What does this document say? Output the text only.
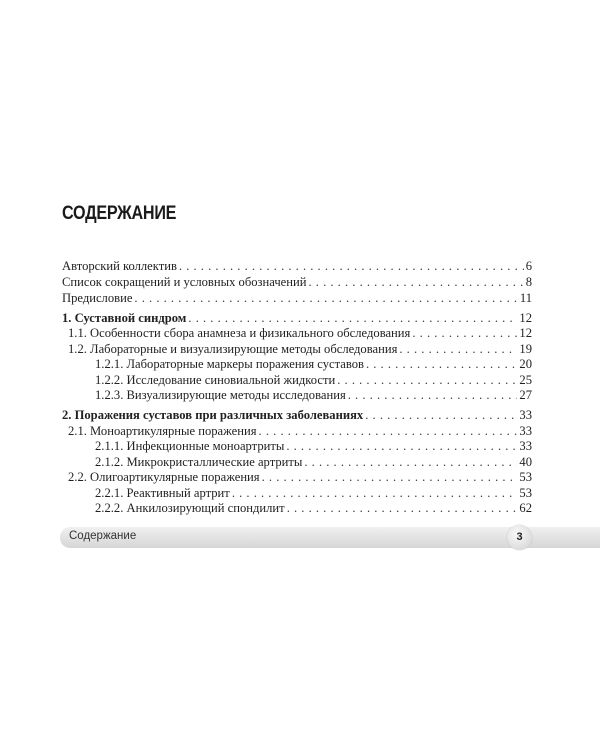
СОДЕРЖАНИЕ
Авторский коллектив . . .	6
Список сокращений и условных обозначений . . .	8
Предисловие . . .	11
1. Суставной синдром . . .	12
1.1. Особенности сбора анамнеза и физикального обследования . . .	12
1.2. Лабораторные и визуализирующие методы обследования . . .	19
1.2.1. Лабораторные маркеры поражения суставов . . .	20
1.2.2. Исследование синовиальной жидкости . . .	25
1.2.3. Визуализирующие методы исследования . . .	27
2. Поражения суставов при различных заболеваниях . . .	33
2.1. Моноартикулярные поражения . . .	33
2.1.1. Инфекционные моноартриты . . .	33
2.1.2. Микрокристаллические артриты . . .	40
2.2. Олигоартикулярные поражения . . .	53
2.2.1. Реактивный артрит . . .	53
2.2.2. Анкилозирующий спондилит . . .	62
Содержание	3
